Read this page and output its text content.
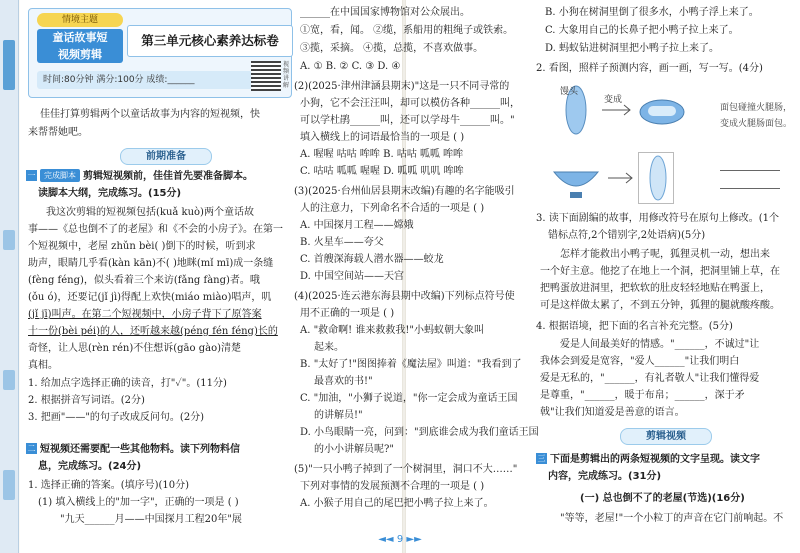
情境主题
童话故事短
视频剪辑
第三单元核心素养达标卷
时间:80分钟 满分:100分 成绩:______
视频讲解
佳佳打算剪辑两个以童话故事为内容的短视频，快
来帮帮她吧。
前期准备
一 完成脚本 剪辑短视频前，佳佳首先要准备脚本。
读脚本大纲，完成练习。(15分)
我这次剪辑的短视频包括(kuǎ kuò)两个童话故
事——《总也倒不了的老屋》和《不会的小房子》。在第一
个短视频中，老屋 zhǔn bèi( )倒下的时候，听到求
助声，眼睛几乎看(kàn kān)不( )地眯(mǐ mī)成一条缝
(fèng féng)，似头看着三个来访(fǎng fàng)者。哦
(ǒu ó)，还要记(jǐ jì)得配上欢快(miáo miào)唱声，叽
(jǐ jī)叫声。在第二个短视频中，小房子背下了原答案
十一份(bèi péi)的人，还听越来越(péng fén féng)长的
奇怪，让人思(rèn rén)不住想诉(gāo gào)清楚
真相。
1. 给加点字选择正确的读音，打"✓"。(11分)
2. 根据拼音写词语。(2分)
3. 把画"——"的句子改成反问句。(2分)
二 短视频还需要配一些其他物料。读下列物料信
息，完成练习。(24分)
1. 选择正确的答案。(填序号)(10分)
(1) 填入横线上的"加一字"，正确的一项是 ( )
"九天______月——中国探月工程20年"展
______在中国国家博物馆对公众展出。
①宽，看，闻。 ②缆，系船用的粗绳子或铁索。
③揽，采摘。 ④揽，总揽，不喜欢做事。
A. ① B. ② C. ③ D. ④
(2)(2025·津州津涵县期末)"这是一只不同寻常的
小狗，它不会汪汪叫，却可以模仿各种______叫，
可以学杜鹃______叫，还可以学母牛______叫。"
填入横线上的词语最恰当的一项是 ( )
A. 喔喔 咕咕 哞哞 B. 咕咕 呱呱 哞哞
C. 咕咕 呱呱 喔喔 D. 呱呱 叽叽 哞哞
(3)(2025·台州仙居县期末改编)有趣的名字能吸引
人的注意力，下列命名不合适的一项是 ( )
A. 中国探月工程——嫦娥
B. 火星车——夸父
C. 首艘深海载人潜水器——蛟龙
D. 中国空间站——天宫
(4)(2025·连云港东海县期中改编)下列标点符号使
用不正确的一项是 ( )
A. "救命啊! 谁来救救我!"小蚂蚁朝大象叫
起来。
B. "太好了!"图图捧着《魔法屋》叫道："我看到了
最喜欢的书!"
C. "加油，"小狮子说道，"你一定会成为童话王国
的讲解员!"
D. 小鸟眼睛一亮，问到："到底谁会成为我们童话王国
的小小讲解员呢?"
(5)"一只小鸭子掉到了一个树洞里，洞口不大……"
下列对事情的发展预测不合理的一项是 ( )
A. 小猴子用自己的尾巴把小鸭子拉上来了。
B. 小狗在树洞里倒了很多水，小鸭子浮上来了。
C. 大象用自己的长鼻子把小鸭子拉上来了。
D. 蚂蚁钻进树洞里把小鸭子拉上来了。
2. 看图，照样子预测内容，画一画，写一写。(4分)
馒头
变成
面包碰撞火腿肠，
变成火腿肠面包。
3. 读下面剧编的故事，用修改符号在原句上修改。(1个
错标点符,2个错别字,2处语病)(5分)
怎样才能救出小鸭子呢，狐狸灵机一动，想出来
一个好主意。他挖了在地上一个洞，把洞里铺上草，在
把鸭蛋放进洞里，把软软的肚皮轻轻地贴在鸭蛋上，
可是这样做太累了，不到五分钟，狐狸的腿就酸疼酸。
4. 根据语境，把下面的名言补充完整。(5分)
爱是人间最美好的情感。"______，不诚过"让
我体会到爱是宽容，"爱人______"让我们明白
爱是无私的，"______，有礼者敬人"让我们懂得爱
是尊重，"______，暖于布帛；______，深于矛
戟"让我们知道爱是善意的语言。
剪辑视频
三 下面是剪辑出的两条短视频的文字呈现。读文字
内容，完成练习。(31分)
(一) 总也倒不了的老屋(节选)(16分)
"等等，老屋!"一个小粒丁的声音在它门前响起。不
◄◄ 9 ►►
